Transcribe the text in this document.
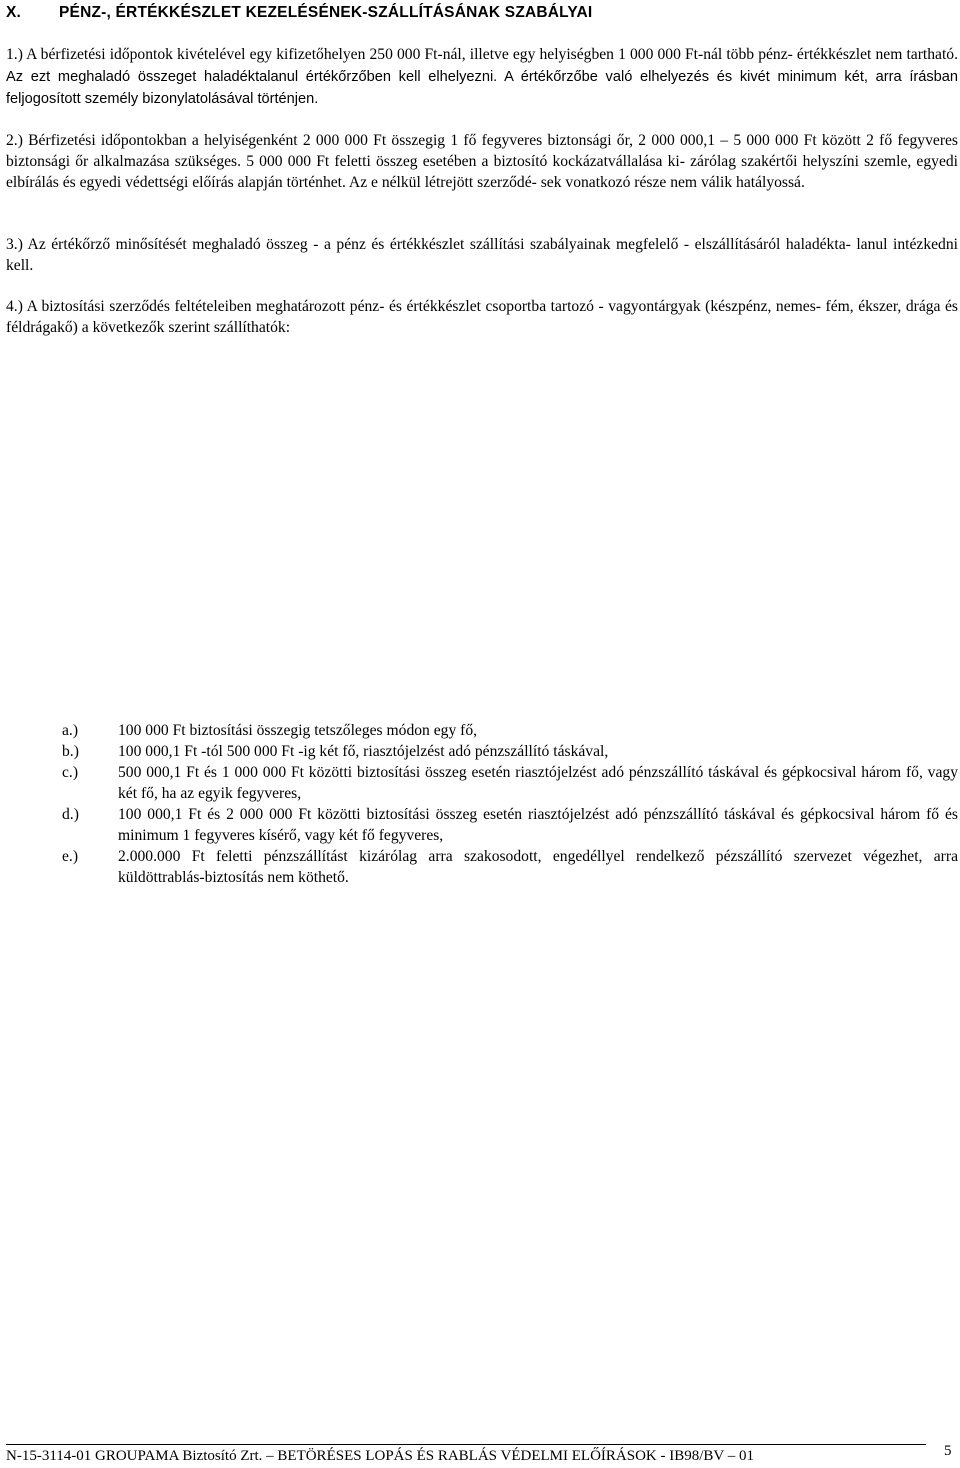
X. PÉNZ-, ÉRTÉKKÉSZLET KEZELÉSÉNEK-SZÁLLÍTÁSÁNAK SZABÁLYAI
1.) A bérfizetési időpontok kivételével egy kifizetőhelyen 250 000 Ft-nál, illetve egy helyiségben 1 000 000 Ft-nál több pénz- értékkészlet nem tartható. Az ezt meghaladó összeget haladéktalanul értékőrzőben kell elhelyezni. A értékőrzőbe való elhelyezés és kivét minimum két, arra írásban feljogosított személy bizonylatolásával történjen.
2.) Bérfizetési időpontokban a helyiségenként 2 000 000 Ft összegig 1 fő fegyveres biztonsági őr, 2 000 000,1 – 5 000 000 Ft között 2 fő fegyveres biztonsági őr alkalmazása szükséges. 5 000 000 Ft feletti összeg esetében a biztosító kockázatvállalása ki- zárólag szakértői helyszíni szemle, egyedi elbírálás és egyedi védettségi előírás alapján történhet. Az e nélkül létrejött szerződé- sek vonatkozó része nem válik hatályossá.
3.) Az értékőrző minősítését meghaladó összeg - a pénz és értékkészlet szállítási szabályainak megfelelő - elszállításáról haladékta- lanul intézkedni kell.
4.) A biztosítási szerződés feltételeiben meghatározott pénz- és értékkészlet csoportba tartozó - vagyontárgyak (készpénz, nemes- fém, ékszer, drága és féldrágakő) a következők szerint szállíthatók:
a.)	100 000 Ft biztosítási összegig tetszőleges módon egy fő,
b.)	100 000,1 Ft -tól 500 000 Ft -ig két fő, riasztójelzést adó pénzszállító táskával,
c.)	500 000,1 Ft és 1 000 000 Ft közötti biztosítási összeg esetén riasztójelzést adó pénzszállító táskával és gépkocsival három fő, vagy két fő, ha az egyik fegyveres,
d.)	100 000,1 Ft és 2 000 000 Ft közötti biztosítási összeg esetén riasztójelzést adó pénzszállító táskával és gépkocsival három fő és minimum 1 fegyveres kísérő, vagy két fő fegyveres,
e.)	2.000.000 Ft feletti pénzszállítást kizárólag arra szakosodott, engedéllyel rendelkező pézszállító szervezet végezhet, arra küldöttrablás-biztosítás nem köthető.
N-15-3114-01 GROUPAMA Biztosító Zrt. – BETÖRÉSES LOPÁS ÉS RABLÁS VÉDELMI ELŐÍRÁSOK - IB98/BV – 01	5
